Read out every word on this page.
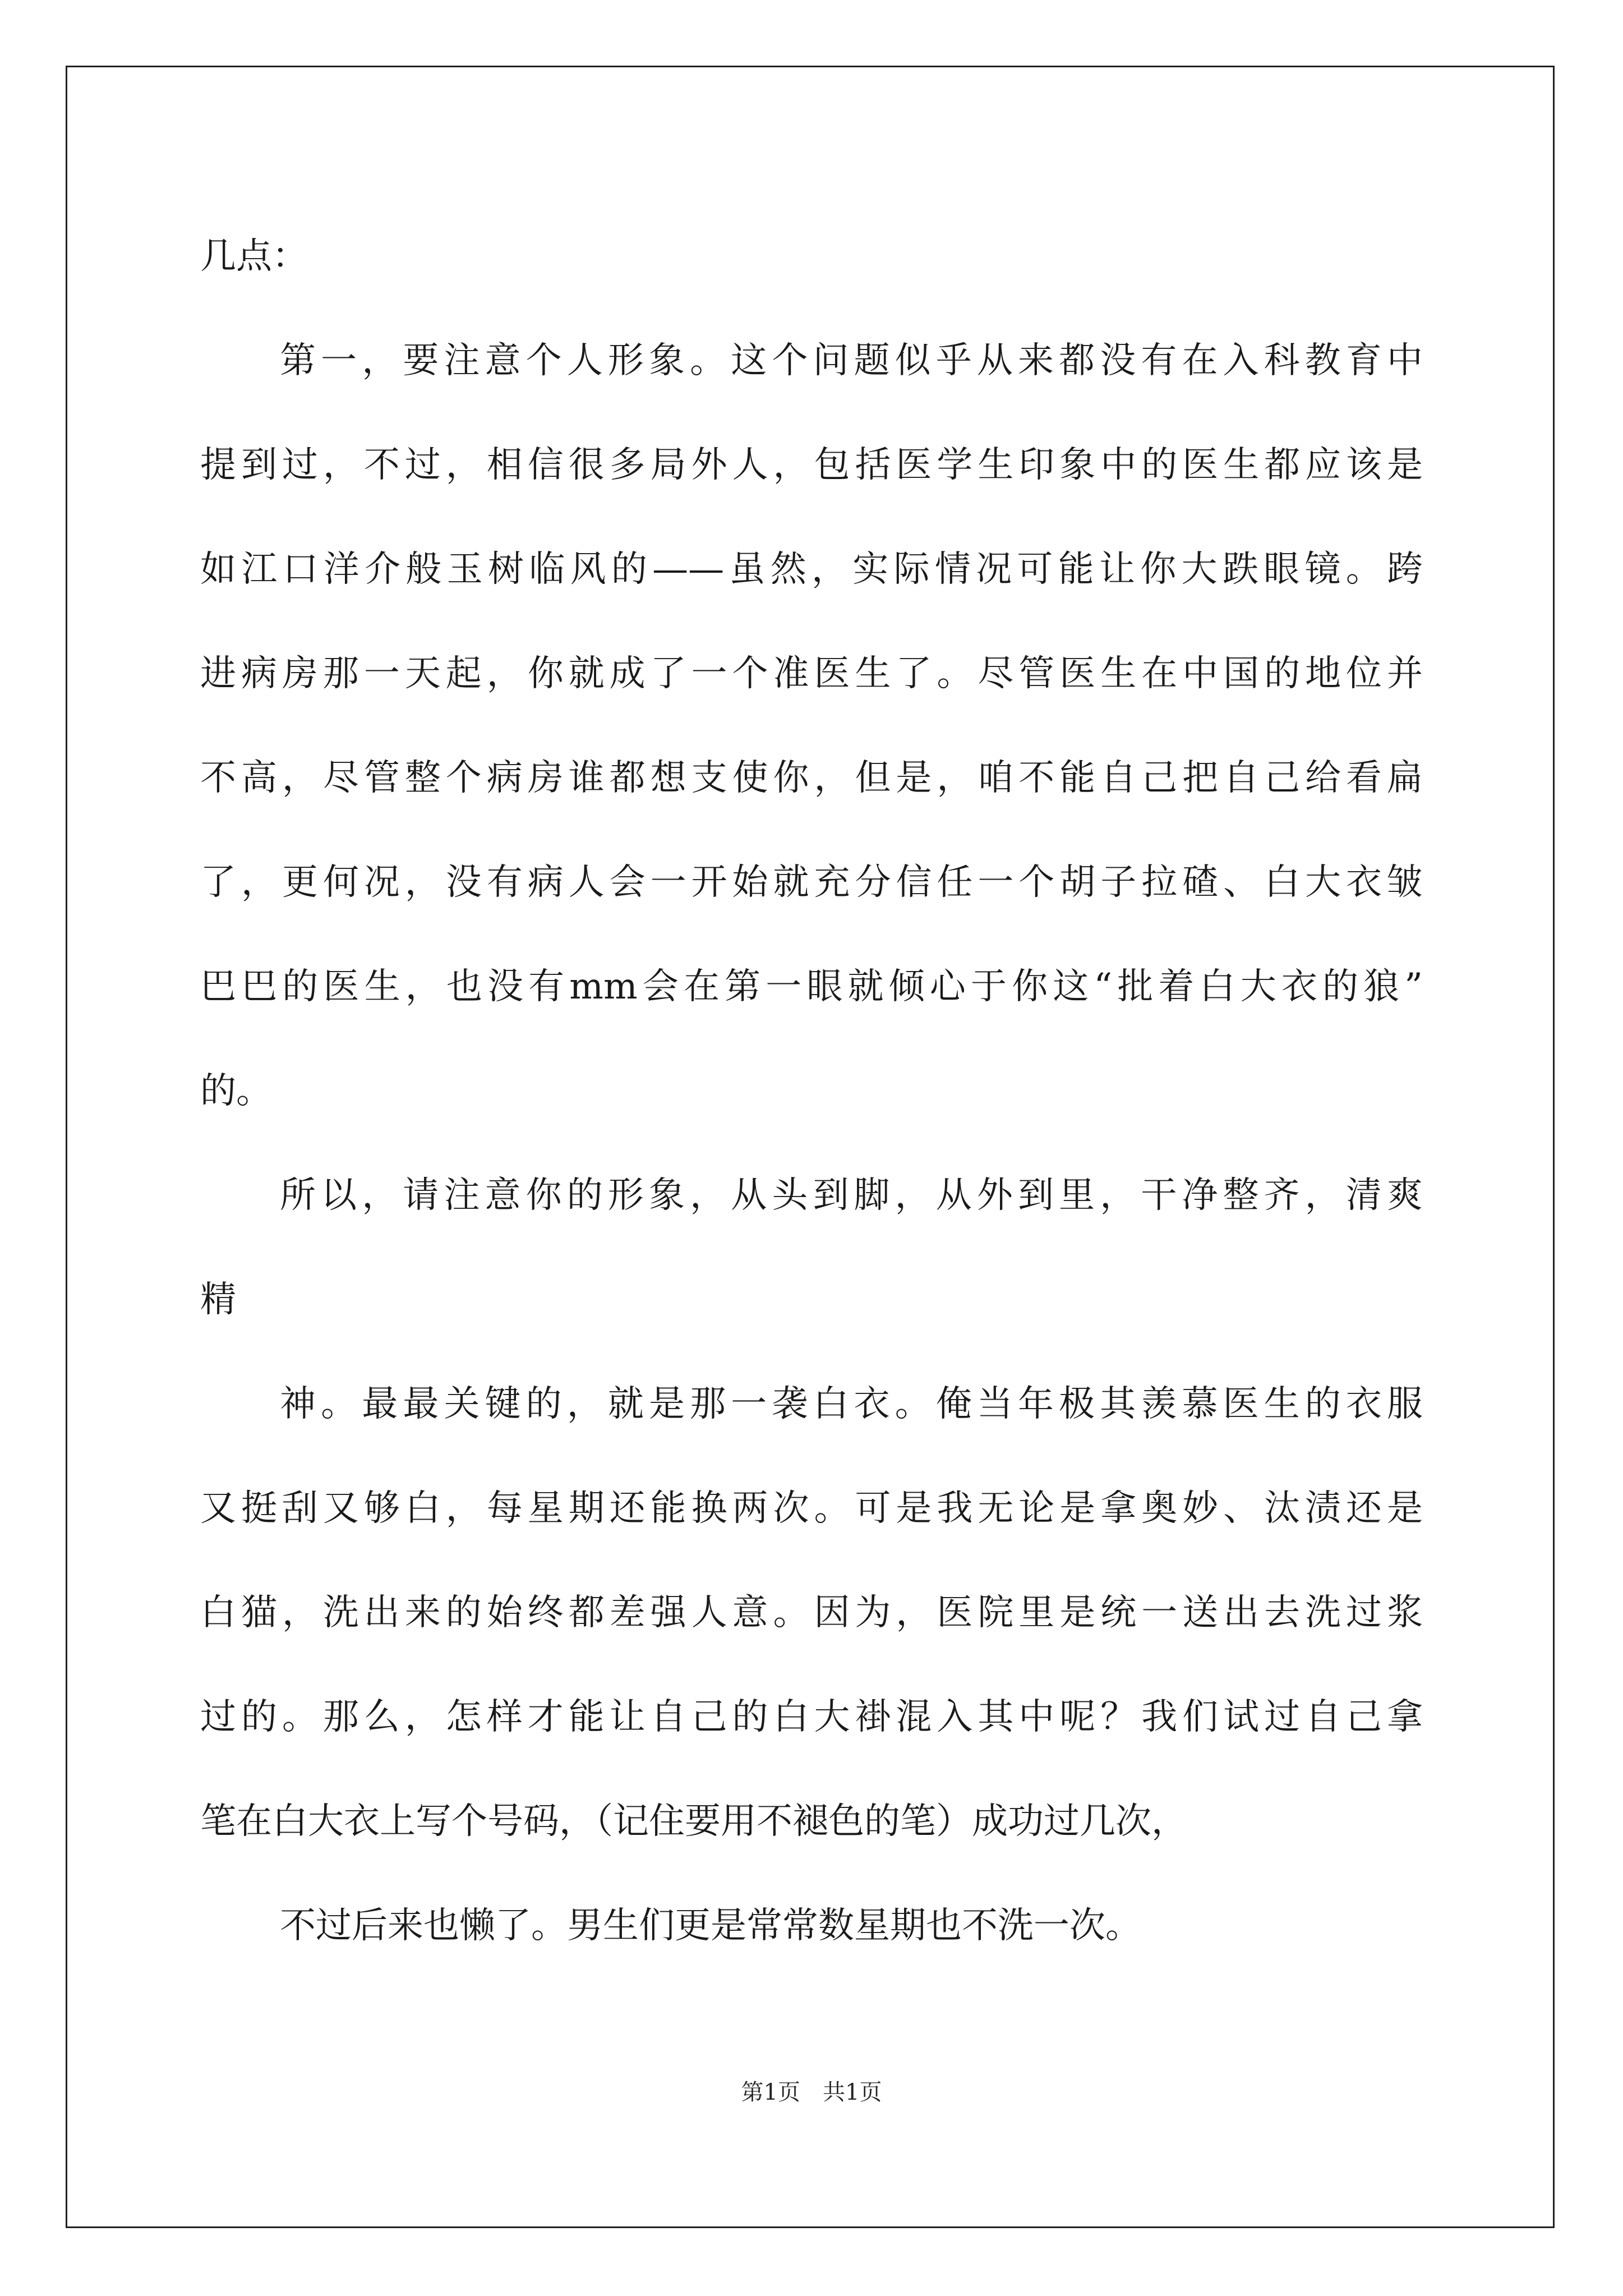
几点：
第一，要注意个人形象。这个问题似乎从来都没有在入科教育中
提到过，不过，相信很多局外人，包括医学生印象中的医生都应该是
如江口洋介般玉树临风的——虽然，实际情况可能让你大跌眼镜。跨
进病房那一天起，你就成了一个准医生了。尽管医生在中国的地位并
不高，尽管整个病房谁都想支使你，但是，咱不能自己把自己给看扁
了，更何况，没有病人会一开始就充分信任一个胡子拉碴、白大衣皱
巴巴的医生，也没有mm会在第一眼就倾心于你这“批着白大衣的狼”
的。
所以，请注意你的形象，从头到脚，从外到里，干净整齐，清爽
精
神。最最关键的，就是那一袭白衣。俺当年极其羡慕医生的衣服
又挺刮又够白，每星期还能换两次。可是我无论是拿奥妙、汰渍还是
白猫，洗出来的始终都差强人意。因为，医院里是统一送出去洗过浆
过的。那么，怎样才能让自己的白大褂混入其中呢？我们试过自己拿
笔在白大衣上写个号码，（记住要用不褪色的笔）成功过几次，
不过后来也懒了。男生们更是常常数星期也不洗一次。
第1页　共1页
